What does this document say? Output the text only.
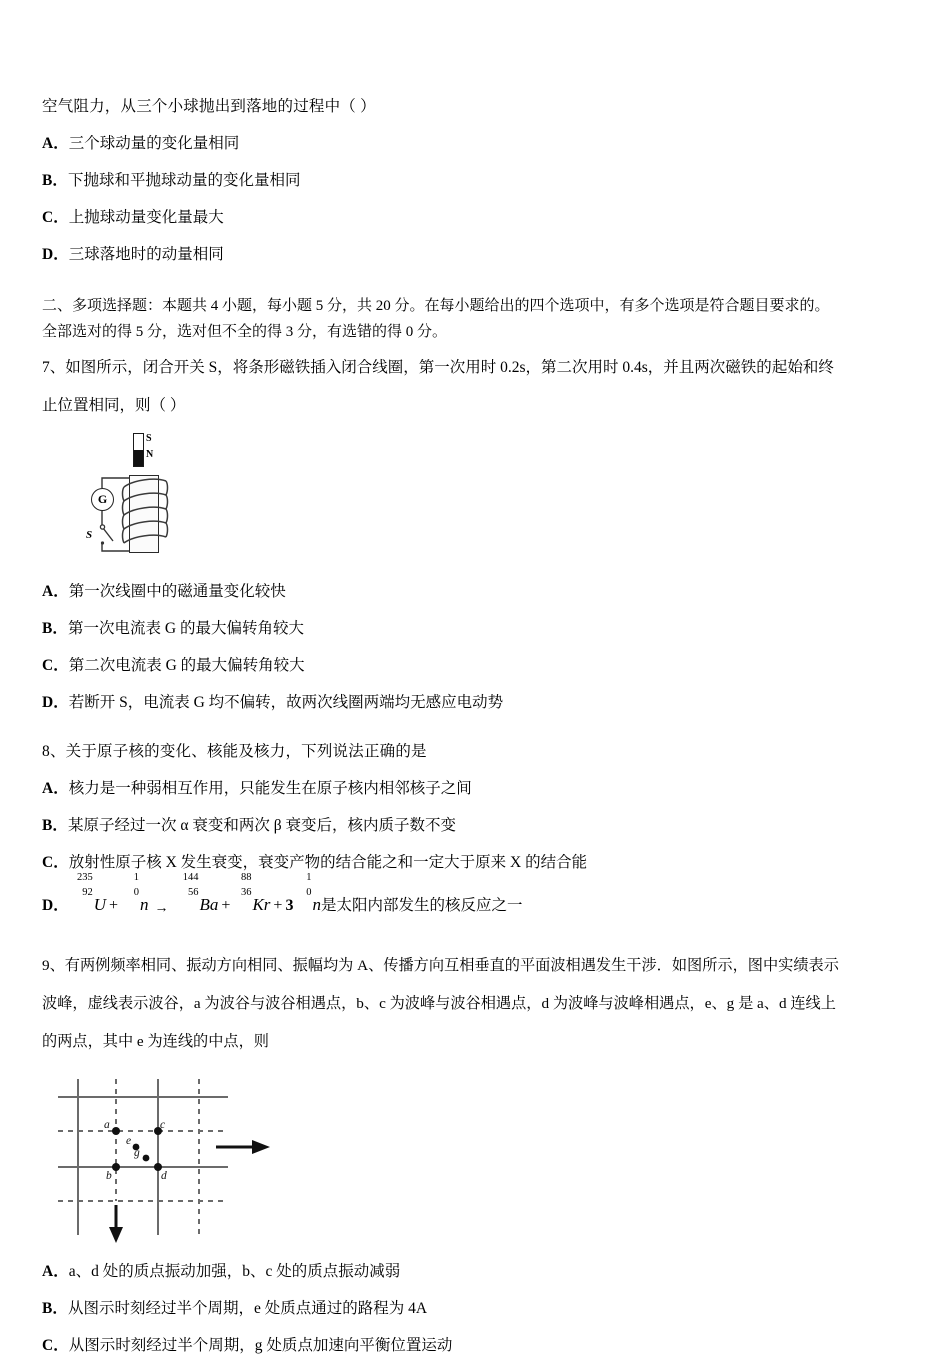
空气阻力，从三个小球抛出到落地的过程中（ ）
A．三个球动量的变化量相同
B．下抛球和平抛球动量的变化量相同
C．上抛球动量变化量最大
D．三球落地时的动量相同
二、多项选择题：本题共 4 小题，每小题 5 分，共 20 分。在每小题给出的四个选项中，有多个选项是符合题目要求的。
全部选对的得 5 分，选对但不全的得 3 分，有选错的得 0 分。
7、如图所示，闭合开关 S，将条形磁铁插入闭合线圈，第一次用时 0.2s，第二次用时 0.4s，并且两次磁铁的起始和终
止位置相同，则（ ）
S
N
G
S
A．第一次线圈中的磁通量变化较快
B．第一次电流表 G 的最大偏转角较大
C．第二次电流表 G 的最大偏转角较大
D．若断开 S，电流表 G 均不偏转，故两次线圈两端均无感应电动势
8、关于原子核的变化、核能及核力，下列说法正确的是
A．核力是一种弱相互作用，只能发生在原子核内相邻核子之间
B．某原子经过一次 α 衰变和两次 β 衰变后，核内质子数不变
C．放射性原子核 X 发生衰变，衰变产物的结合能之和一定大于原来 X 的结合能
D．
235
92
U +
1
0
n →
144
56
Ba +
88
36
Kr + 3
1
0
n是太阳内部发生的核反应之一
9、有两例频率相同、振动方向相同、振幅均为 A、传播方向互相垂直的平面波相遇发生干涉．如图所示，图中实绩表示
波峰，虚线表示波谷，a 为波谷与波谷相遇点，b、c 为波峰与波谷相遇点，d 为波峰与波峰相遇点，e、g 是 a、d 连线上
的两点，其中 e 为连线的中点，则
a	c
e
g
b	d
A．a、d 处的质点振动加强，b、c 处的质点振动减弱
B．从图示时刻经过半个周期，e 处质点通过的路程为 4A
C．从图示时刻经过半个周期，g 处质点加速向平衡位置运动
